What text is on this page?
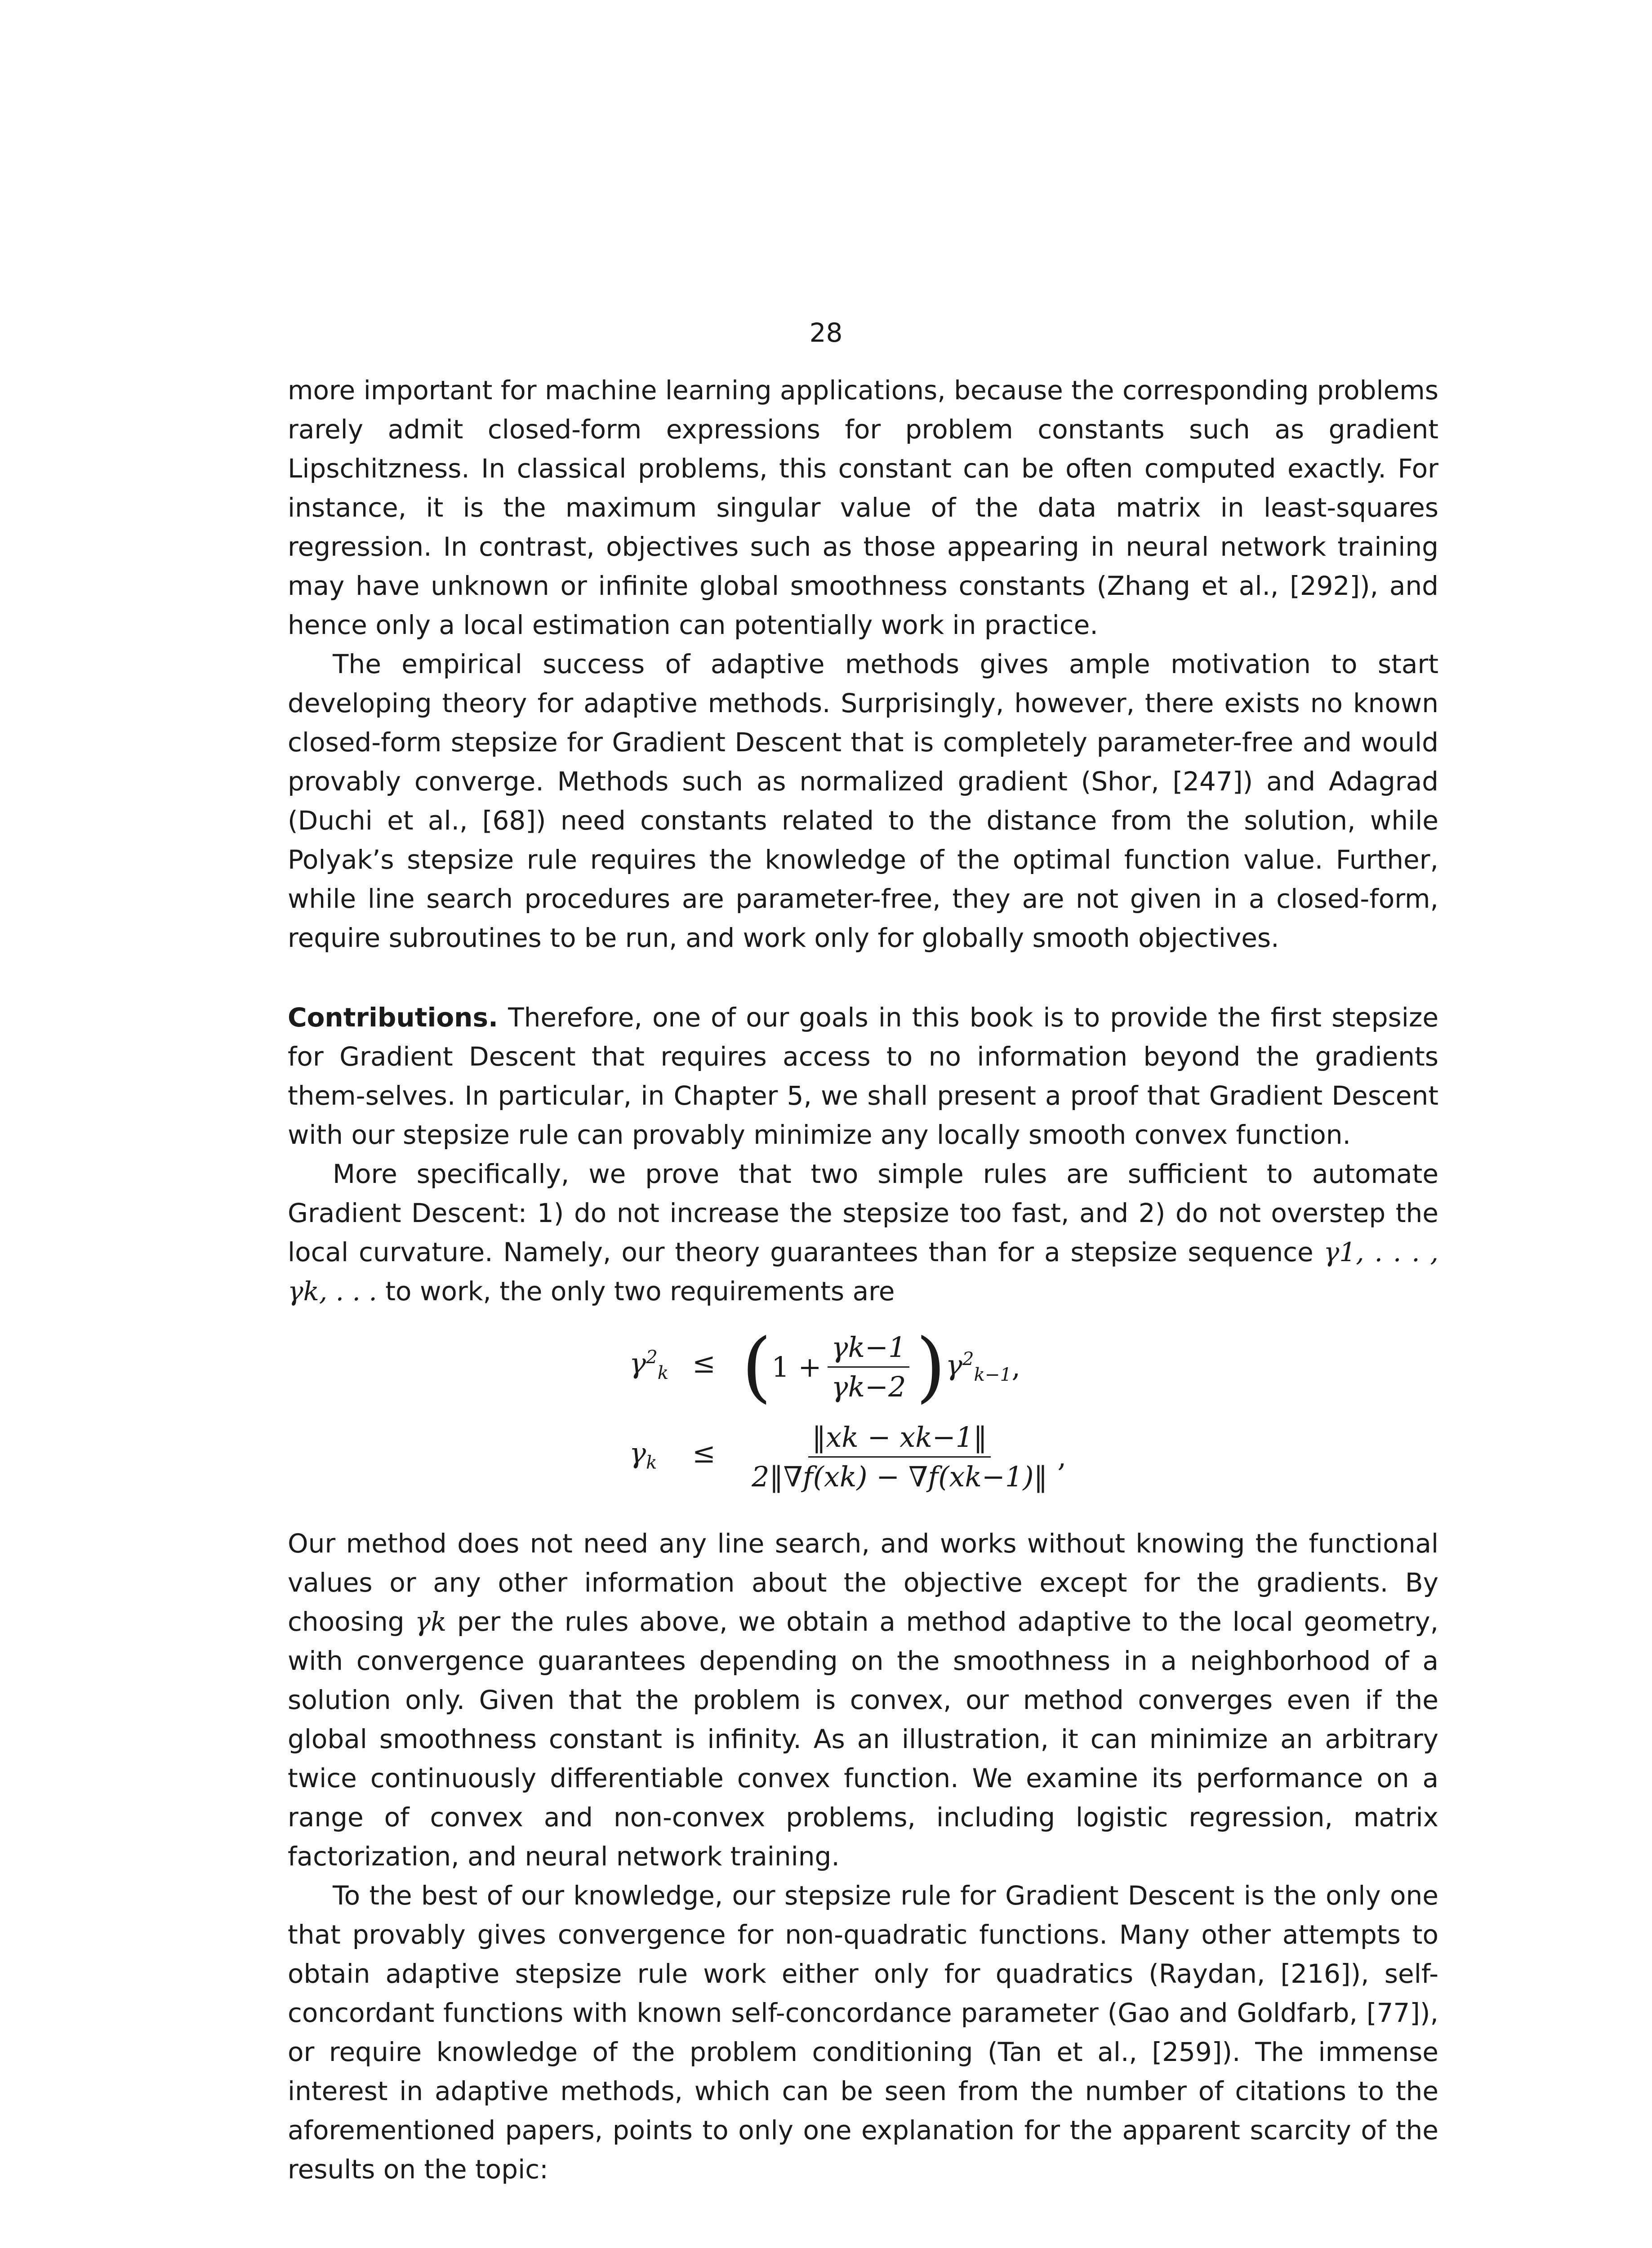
28

more important for machine learning applications, because the corresponding problems rarely admit closed-form expressions for problem constants such as gradient Lipschitzness. In classical problems, this constant can be often computed exactly. For instance, it is the maximum singular value of the data matrix in least-squares regression. In contrast, objectives such as those appearing in neural network training may have unknown or infinite global smoothness constants (Zhang et al., [292]), and hence only a local estimation can potentially work in practice.

The empirical success of adaptive methods gives ample motivation to start developing theory for adaptive methods. Surprisingly, however, there exists no known closed-form stepsize for Gradient Descent that is completely parameter-free and would provably converge. Methods such as normalized gradient (Shor, [247]) and Adagrad (Duchi et al., [68]) need constants related to the distance from the solution, while Polyak’s stepsize rule requires the knowledge of the optimal function value. Further, while line search procedures are parameter-free, they are not given in a closed-form, require subroutines to be run, and work only for globally smooth objectives.

Contributions. Therefore, one of our goals in this book is to provide the first stepsize for Gradient Descent that requires access to no information beyond the gradients them-selves. In particular, in Chapter 5, we shall present a proof that Gradient Descent with our stepsize rule can provably minimize any locally smooth convex function.

More specifically, we prove that two simple rules are sufficient to automate Gradient Descent: 1) do not increase the stepsize too fast, and 2) do not overstep the local curvature. Namely, our theory guarantees than for a stepsize sequence γ1, . . . , γk, . . . to work, the only two requirements are

$\gamma^2_k$ ≤ ( $1 + \frac{\gamma k-1}{\gamma k-2}$ ) $\gamma^2_{k-1}$ ,
$\gamma_k \le \frac{‖xk - xk-1‖}{2‖\nabla f(xk) - \nabla f(xk-1)‖}$ ,

Our method does not need any line search, and works without knowing the functional values or any other information about the objective except for the gradients. By choosing γk per the rules above, we obtain a method adaptive to the local geometry, with convergence guarantees depending on the smoothness in a neighborhood of a solution only. Given that the problem is convex, our method converges even if the global smoothness constant is infinity. As an illustration, it can minimize an arbitrary twice continuously differentiable convex function. We examine its performance on a range of convex and non-convex problems, including logistic regression, matrix factorization, and neural network training.

To the best of our knowledge, our stepsize rule for Gradient Descent is the only one that provably gives convergence for non-quadratic functions. Many other attempts to obtain adaptive stepsize rule work either only for quadratics (Raydan, [216]), self-concordant functions with known self-concordance parameter (Gao and Goldfarb, [77]), or require knowledge of the problem conditioning (Tan et al., [259]). The immense interest in adaptive methods, which can be seen from the number of citations to the aforementioned papers, points to only one explanation for the apparent scarcity of the results on the topic:
